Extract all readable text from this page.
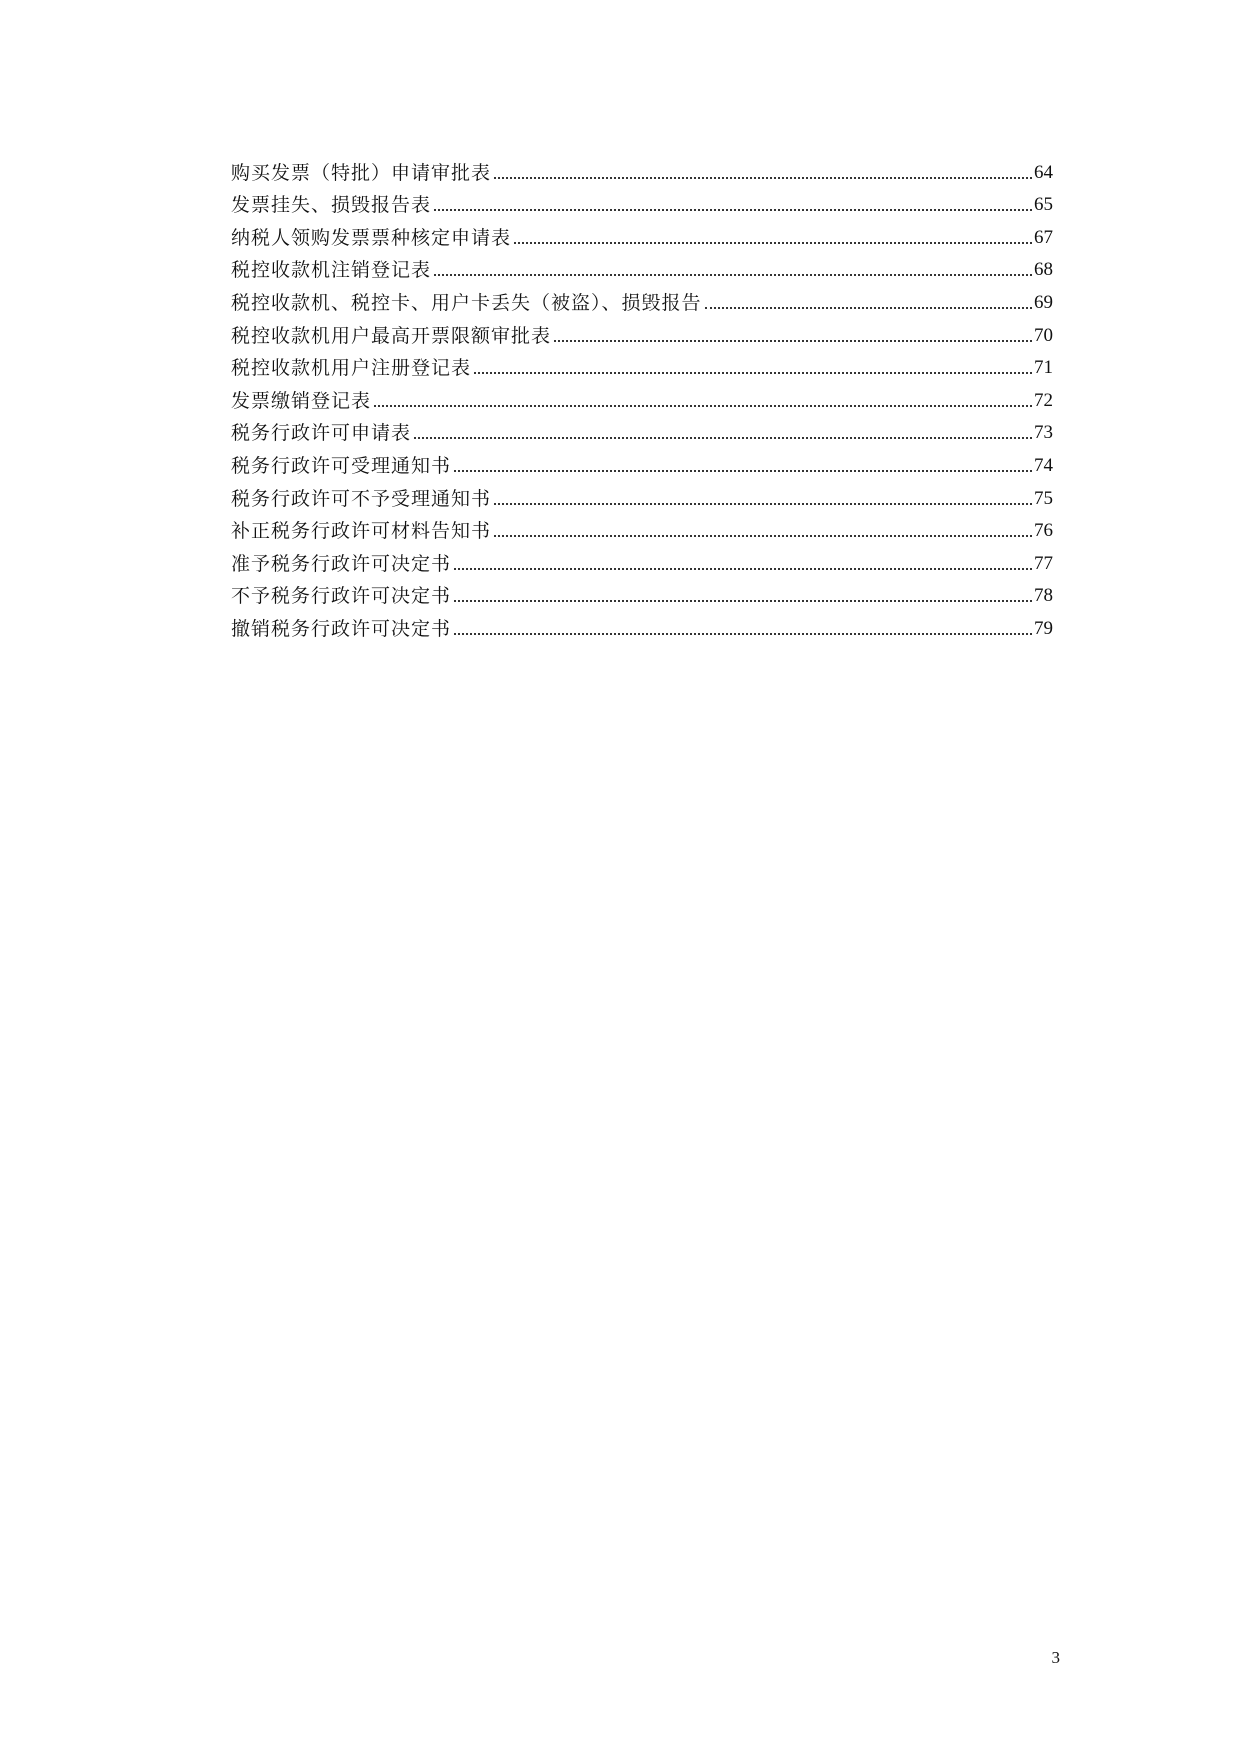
购买发票（特批）申请审批表	64
发票挂失、损毁报告表	65
纳税人领购发票票种核定申请表	67
税控收款机注销登记表	68
税控收款机、税控卡、用户卡丢失（被盗）、损毁报告	69
税控收款机用户最高开票限额审批表	70
税控收款机用户注册登记表	71
发票缴销登记表	72
税务行政许可申请表	73
税务行政许可受理通知书	74
税务行政许可不予受理通知书	75
补正税务行政许可材料告知书	76
准予税务行政许可决定书	77
不予税务行政许可决定书	78
撤销税务行政许可决定书	79
3
